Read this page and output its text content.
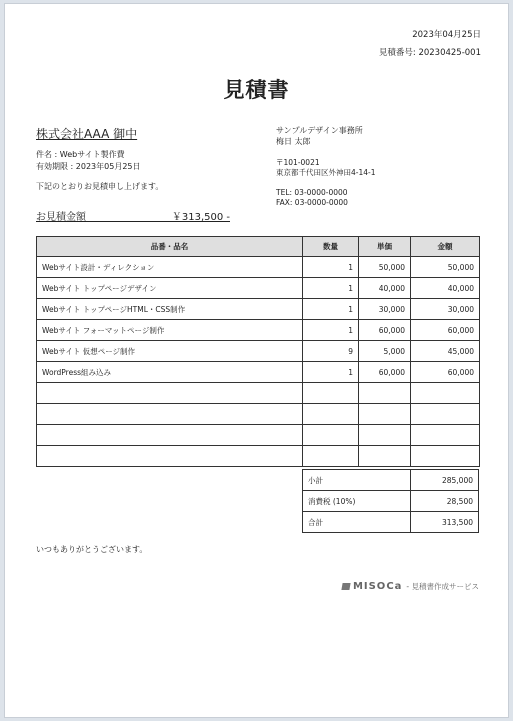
2023年04月25日
見積番号: 20230425-001
見積書
株式会社AAA 御中
件名 : Webサイト製作費
有効期限 : 2023年05月25日
下記のとおりお見積申し上げます。
お見積金額	￥313,500 -
サンプルデザイン事務所
梅日 太郎
〒101-0021
東京都千代田区外神田4-14-1
TEL: 03-0000-0000
FAX: 03-0000-0000
品番・品名	数量	単価	金額
Webサイト設計・ディレクション	1	50,000	50,000
Webサイト トップページデザイン	1	40,000	40,000
Webサイト トップページHTML・CSS制作	1	30,000	30,000
Webサイト フォーマットページ制作	1	60,000	60,000
Webサイト 仮想ページ制作	9	5,000	45,000
WordPress組み込み	1	60,000	60,000

小計	285,000
消費税 (10%)	28,500
合計	313,500
いつもありがとうございます。
MISOCa - 見積書作成サービス
